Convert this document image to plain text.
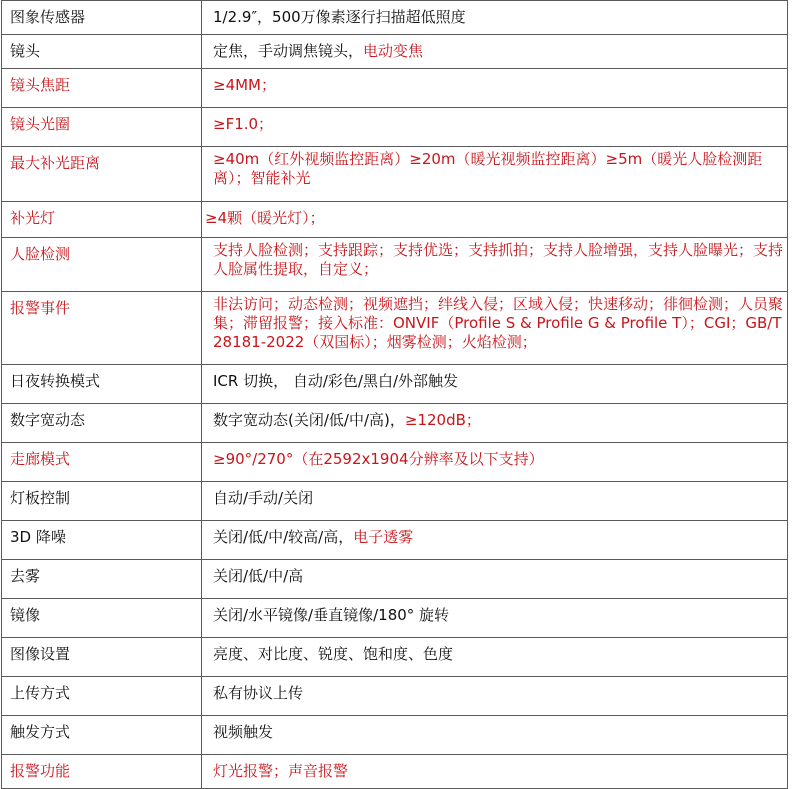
图象传感器	1/2.9″，500万像素逐行扫描超低照度
镜头	定焦，手动调焦镜头，电动变焦
镜头焦距	≥4MM；
镜头光圈	≥F1.0；
最大补光距离	≥40m（红外视频监控距离）≥20m（暖光视频监控距离）≥5m（暖光人脸检测距离）；智能补光
补光灯	≥4颗（暖光灯）；
人脸检测	支持人脸检测；支持跟踪；支持优选；支持抓拍；支持人脸增强，支持人脸曝光；支持人脸属性提取，自定义；
报警事件	非法访问；动态检测；视频遮挡；绊线入侵；区域入侵；快速移动；徘徊检测；人员聚集；滞留报警；接入标准：ONVIF（Profile S & Profile G & Profile T）；CGI；GB/T28181-2022（双国标）；烟雾检测；火焰检测；
日夜转换模式	ICR 切换， 自动/彩色/黑白/外部触发
数字宽动态	数字宽动态(关闭/低/中/高)，≥120dB；
走廊模式	≥90°/270°（在2592x1904分辨率及以下支持）
灯板控制	自动/手动/关闭
3D 降噪	关闭/低/中/较高/高，电子透雾
去雾	关闭/低/中/高
镜像	关闭/水平镜像/垂直镜像/180° 旋转
图像设置	亮度、对比度、锐度、饱和度、色度
上传方式	私有协议上传
触发方式	视频触发
报警功能	灯光报警；声音报警
